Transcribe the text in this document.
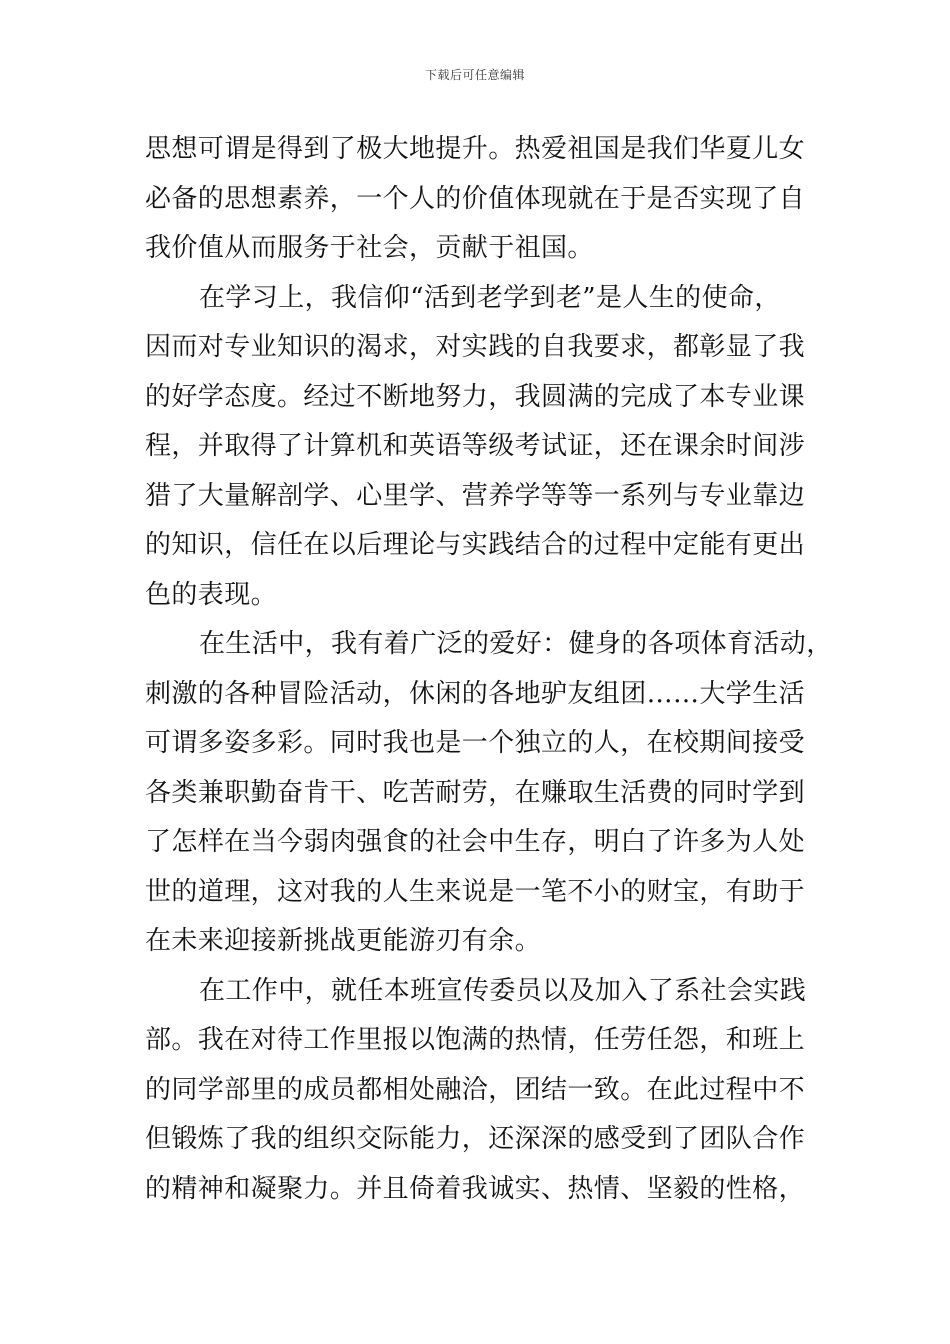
下载后可任意编辑
思想可谓是得到了极大地提升。热爱祖国是我们华夏儿女
必备的思想素养，一个人的价值体现就在于是否实现了自
我价值从而服务于社会，贡献于祖国。
在学习上，我信仰“活到老学到老”是人生的使命，
因而对专业知识的渴求，对实践的自我要求，都彰显了我
的好学态度。经过不断地努力，我圆满的完成了本专业课
程，并取得了计算机和英语等级考试证，还在课余时间涉
猎了大量解剖学、心里学、营养学等等一系列与专业靠边
的知识，信任在以后理论与实践结合的过程中定能有更出
色的表现。
在生活中，我有着广泛的爱好：健身的各项体育活动，
刺激的各种冒险活动，休闲的各地驴友组团……大学生活
可谓多姿多彩。同时我也是一个独立的人，在校期间接受
各类兼职勤奋肯干、吃苦耐劳，在赚取生活费的同时学到
了怎样在当今弱肉强食的社会中生存，明白了许多为人处
世的道理，这对我的人生来说是一笔不小的财宝，有助于
在未来迎接新挑战更能游刃有余。
在工作中，就任本班宣传委员以及加入了系社会实践
部。我在对待工作里报以饱满的热情，任劳任怨，和班上
的同学部里的成员都相处融洽，团结一致。在此过程中不
但锻炼了我的组织交际能力，还深深的感受到了团队合作
的精神和凝聚力。并且倚着我诚实、热情、坚毅的性格，
